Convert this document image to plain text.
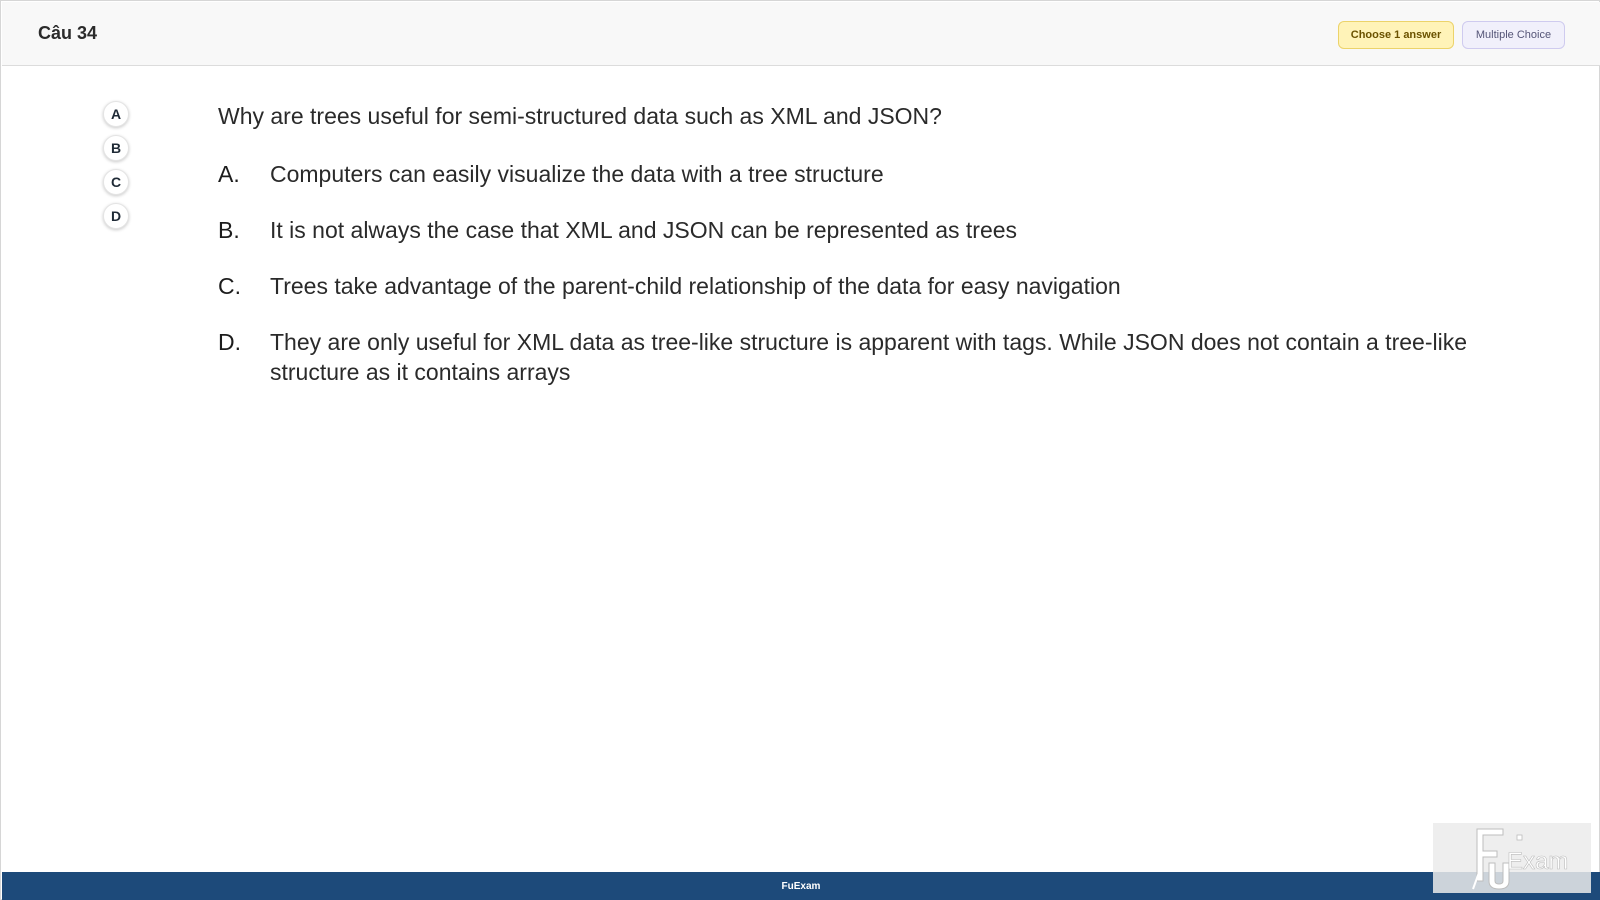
Câu 34	Choose 1 answer	Multiple Choice
A
B
C
D
Why are trees useful for semi-structured data such as XML and JSON?
A.	Computers can easily visualize the data with a tree structure
B.	It is not always the case that XML and JSON can be represented as trees
C.	Trees take advantage of the parent-child relationship of the data for easy navigation
D.	They are only useful for XML data as tree-like structure is apparent with tags. While JSON does not contain a tree-like structure as it contains arrays
FuExam
Exam
